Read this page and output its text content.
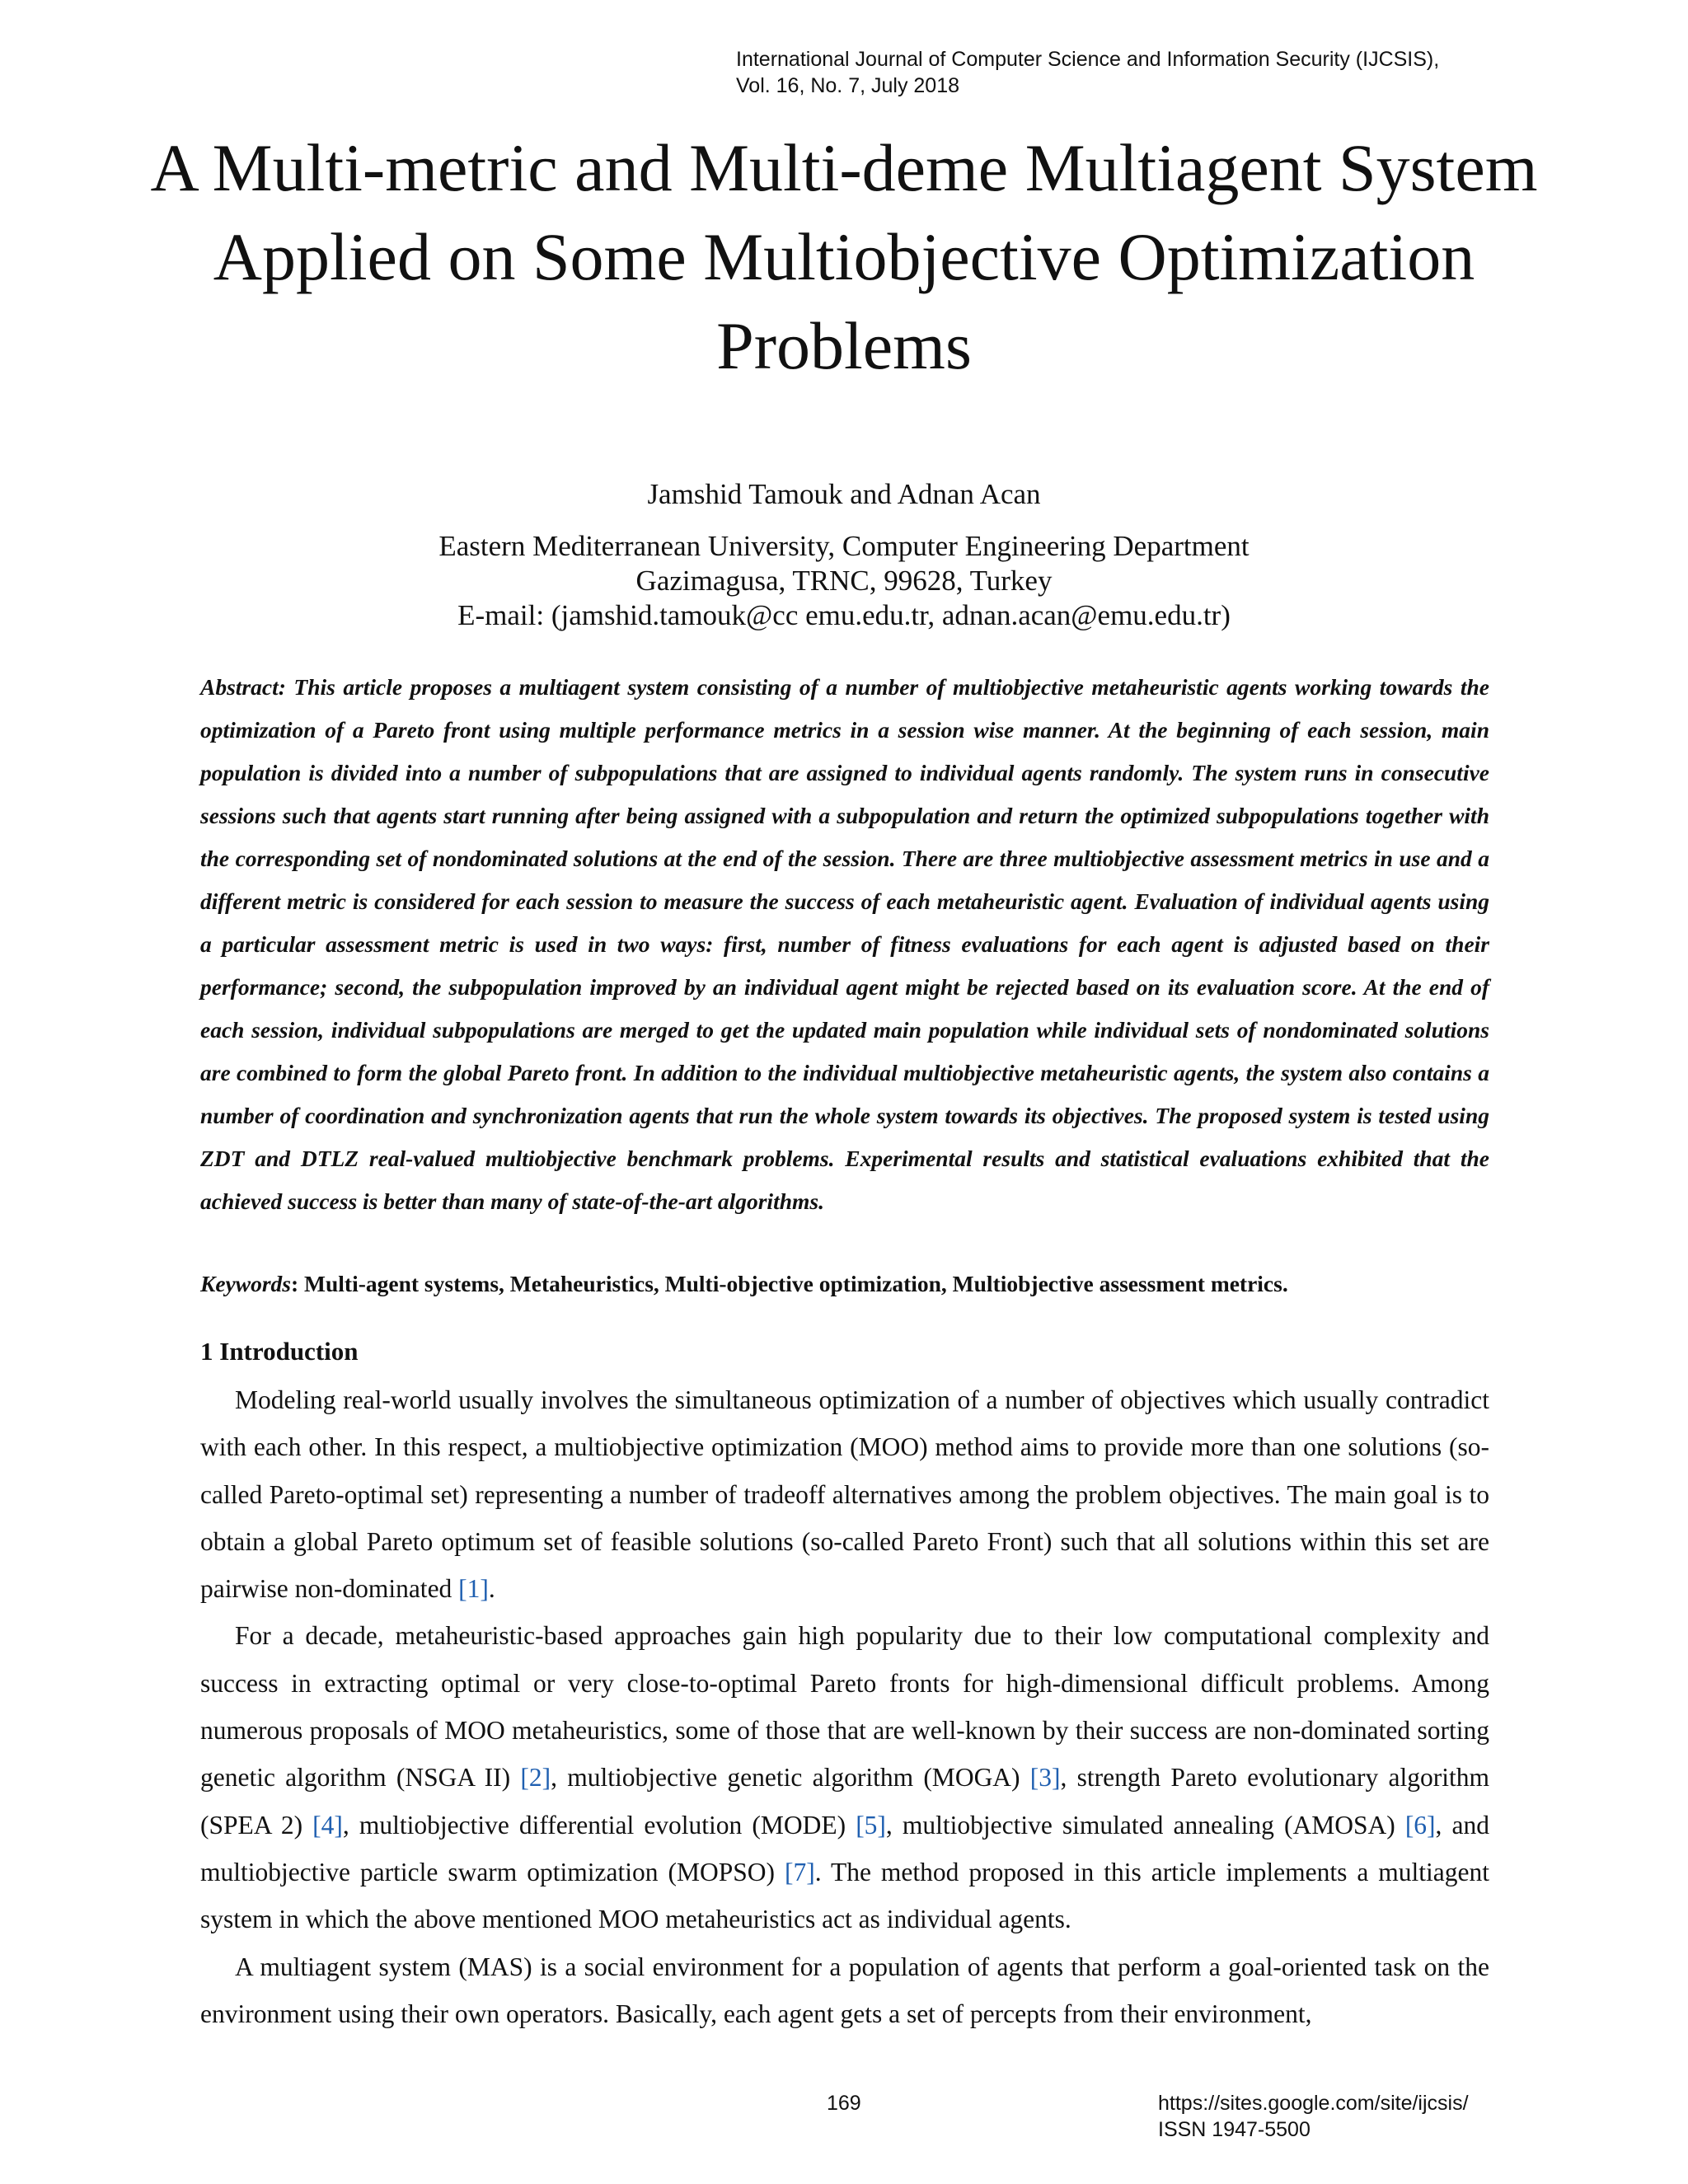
International Journal of Computer Science and Information Security (IJCSIS),
Vol. 16, No. 7, July 2018
A Multi-metric and Multi-deme Multiagent System
Applied on Some Multiobjective Optimization
Problems
Jamshid Tamouk and Adnan Acan
Eastern Mediterranean University, Computer Engineering Department
Gazimagusa, TRNC, 99628, Turkey
E-mail: (jamshid.tamouk@cc emu.edu.tr, adnan.acan@emu.edu.tr)

Abstract: This article proposes a multiagent system consisting of a number of multiobjective metaheuristic agents working towards the optimization of a Pareto front using multiple performance metrics in a session wise manner. At the beginning of each session, main population is divided into a number of subpopulations that are assigned to individual agents randomly. The system runs in consecutive sessions such that agents start running after being assigned with a subpopulation and return the optimized subpopulations together with the corresponding set of nondominated solutions at the end of the session. There are three multiobjective assessment metrics in use and a different metric is considered for each session to measure the success of each metaheuristic agent. Evaluation of individual agents using a particular assessment metric is used in two ways: first, number of fitness evaluations for each agent is adjusted based on their performance; second, the subpopulation improved by an individual agent might be rejected based on its evaluation score. At the end of each session, individual subpopulations are merged to get the updated main population while individual sets of nondominated solutions are combined to form the global Pareto front. In addition to the individual multiobjective metaheuristic agents, the system also contains a number of coordination and synchronization agents that run the whole system towards its objectives. The proposed system is tested using ZDT and DTLZ real-valued multiobjective benchmark problems. Experimental results and statistical evaluations exhibited that the achieved success is better than many of state-of-the-art algorithms.

Keywords: Multi-agent systems, Metaheuristics, Multi-objective optimization, Multiobjective assessment metrics.
1 Introduction

Modeling real-world usually involves the simultaneous optimization of a number of objectives which usually contradict with each other. In this respect, a multiobjective optimization (MOO) method aims to provide more than one solutions (so-called Pareto-optimal set) representing a number of tradeoff alternatives among the problem objectives. The main goal is to obtain a global Pareto optimum set of feasible solutions (so-called Pareto Front) such that all solutions within this set are pairwise non-dominated [1].

For a decade, metaheuristic-based approaches gain high popularity due to their low computational complexity and success in extracting optimal or very close-to-optimal Pareto fronts for high-dimensional difficult problems. Among numerous proposals of MOO metaheuristics, some of those that are well-known by their success are non-dominated sorting genetic algorithm (NSGA II) [2], multiobjective genetic algorithm (MOGA) [3], strength Pareto evolutionary algorithm (SPEA 2) [4], multiobjective differential evolution (MODE) [5], multiobjective simulated annealing (AMOSA) [6], and multiobjective particle swarm optimization (MOPSO) [7]. The method proposed in this article implements a multiagent system in which the above mentioned MOO metaheuristics act as individual agents.

A multiagent system (MAS) is a social environment for a population of agents that perform a goal-oriented task on the environment using their own operators. Basically, each agent gets a set of percepts from their environment,

169	https://sites.google.com/site/ijcsis/
ISSN 1947-5500
